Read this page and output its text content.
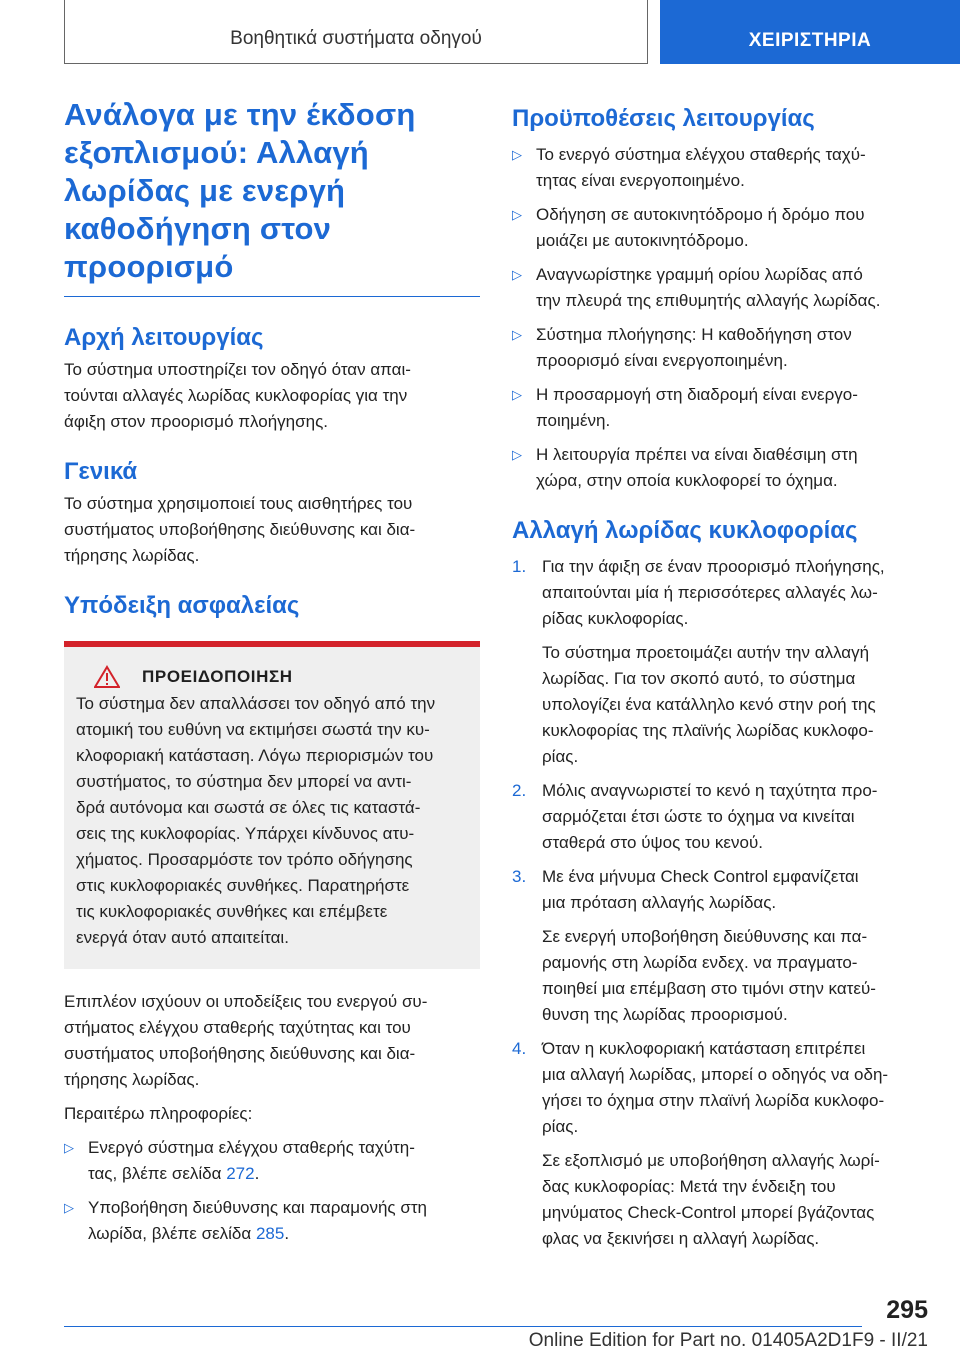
Βοηθητικά συστήματα οδηγού	ΧΕΙΡΙΣΤΗΡΙΑ
Ανάλογα με την έκδοση
εξοπλισμού: Αλλαγή
λωρίδας με ενεργή
καθοδήγηση στον
προορισμό
Αρχή λειτουργίας

Το σύστημα υποστηρίζει τον οδηγό όταν απαι-
τούνται αλλαγές λωρίδας κυκλοφορίας για την
άφιξη στον προορισμό πλοήγησης.

Γενικά

Το σύστημα χρησιμοποιεί τους αισθητήρες του
συστήματος υποβοήθησης διεύθυνσης και δια-
τήρησης λωρίδας.

Υπόδειξη ασφαλείας
ΠΡΟΕΙΔΟΠΟΙΗΣΗ

Το σύστημα δεν απαλλάσσει τον οδηγό από την
ατομική του ευθύνη να εκτιμήσει σωστά την κυ-
κλοφοριακή κατάσταση. Λόγω περιορισμών του
συστήματος, το σύστημα δεν μπορεί να αντι-
δρά αυτόνομα και σωστά σε όλες τις καταστά-
σεις της κυκλοφορίας. Υπάρχει κίνδυνος ατυ-
χήματος. Προσαρμόστε τον τρόπο οδήγησης
στις κυκλοφοριακές συνθήκες. Παρατηρήστε
τις κυκλοφοριακές συνθήκες και επέμβετε
ενεργά όταν αυτό απαιτείται.

Επιπλέον ισχύουν οι υποδείξεις του ενεργού συ-
στήματος ελέγχου σταθερής ταχύτητας και του
συστήματος υποβοήθησης διεύθυνσης και δια-
τήρησης λωρίδας.

Περαιτέρω πληροφορίες:

▷ Ενεργό σύστημα ελέγχου σταθερής ταχύτη-
τας, βλέπε σελίδα 272.
▷ Υποβοήθηση διεύθυνσης και παραμονής στη
λωρίδα, βλέπε σελίδα 285.
Προϋποθέσεις λειτουργίας
▷ Το ενεργό σύστημα ελέγχου σταθερής ταχύ-
τητας είναι ενεργοποιημένο.
▷ Οδήγηση σε αυτοκινητόδρομο ή δρόμο που
μοιάζει με αυτοκινητόδρομο.
▷ Αναγνωρίστηκε γραμμή ορίου λωρίδας από
την πλευρά της επιθυμητής αλλαγής λωρίδας.
▷ Σύστημα πλοήγησης: Η καθοδήγηση στον
προορισμό είναι ενεργοποιημένη.
▷ Η προσαρμογή στη διαδρομή είναι ενεργο-
ποιημένη.
▷ Η λειτουργία πρέπει να είναι διαθέσιμη στη
χώρα, στην οποία κυκλοφορεί το όχημα.
Αλλαγή λωρίδας κυκλοφορίας
1. Για την άφιξη σε έναν προορισμό πλοήγησης,
απαιτούνται μία ή περισσότερες αλλαγές λω-
ρίδας κυκλοφορίας.

Το σύστημα προετοιμάζει αυτήν την αλλαγή
λωρίδας. Για τον σκοπό αυτό, το σύστημα
υπολογίζει ένα κατάλληλο κενό στην ροή της
κυκλοφορίας της πλαϊνής λωρίδας κυκλοφο-
ρίας.

2. Μόλις αναγνωριστεί το κενό η ταχύτητα προ-
σαρμόζεται έτσι ώστε το όχημα να κινείται
σταθερά στο ύψος του κενού.

3. Με ένα μήνυμα Check Control εμφανίζεται
μια πρόταση αλλαγής λωρίδας.

Σε ενεργή υποβοήθηση διεύθυνσης και πα-
ραμονής στη λωρίδα ενδεχ. να πραγματο-
ποιηθεί μια επέμβαση στο τιμόνι στην κατεύ-
θυνση της λωρίδας προορισμού.

4. Όταν η κυκλοφοριακή κατάσταση επιτρέπει
μια αλλαγή λωρίδας, μπορεί ο οδηγός να οδη-
γήσει το όχημα στην πλαϊνή λωρίδα κυκλοφο-
ρίας.

Σε εξοπλισμό με υποβοήθηση αλλαγής λωρί-
δας κυκλοφορίας: Μετά την ένδειξη του
μηνύματος Check-Control μπορεί βγάζοντας
φλας να ξεκινήσει η αλλαγή λωρίδας.

295
Online Edition for Part no. 01405A2D1F9 - II/21
